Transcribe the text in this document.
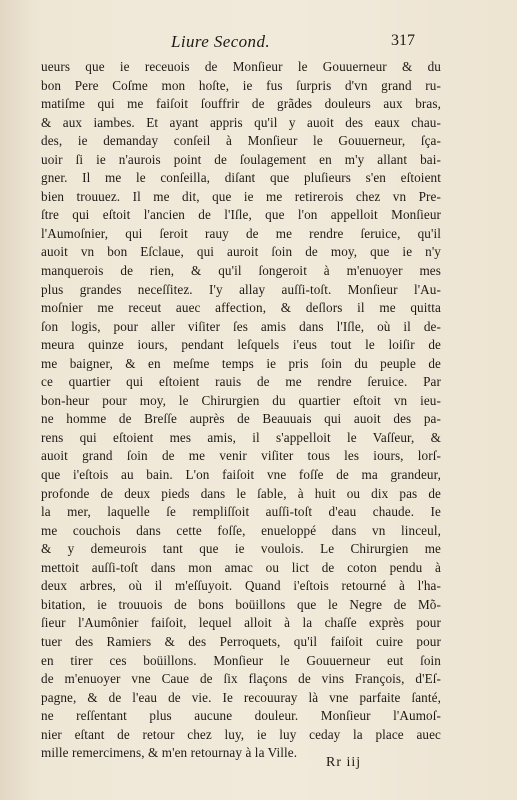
Liure Second.	317
ueurs que ie receuois de Monſieur le Gouuerneur & du
bon Pere Coſme mon hoſte, ie fus ſurpris d'vn grand ru-
matiſme qui me faiſoit ſouffrir de grãdes douleurs aux bras,
& aux iambes. Et ayant appris qu'il y auoit des eaux chau-
des, ie demanday conſeil à Monſieur le Gouuerneur, ſça-
uoir ſi ie n'aurois point de ſoulagement en m'y allant bai-
gner. Il me le conſeilla, diſant que pluſieurs s'en eſtoient
bien trouuez. Il me dit, que ie me retirerois chez vn Pre-
ſtre qui eſtoit l'ancien de l'Iſle, que l'on appelloit Monſieur
l'Aumoſnier, qui ſeroit rauy de me rendre ſeruice, qu'il
auoit vn bon Eſclaue, qui auroit ſoin de moy, que ie n'y
manquerois de rien, & qu'il ſongeroit à m'enuoyer mes
plus grandes neceſſitez. I'y allay auſſi-toſt. Monſieur l'Au-
moſnier me receut auec affection, & deſlors il me quitta
ſon logis, pour aller viſiter ſes amis dans l'Iſle, où il de-
meura quinze iours, pendant leſquels i'eus tout le loiſir de
me baigner, & en meſme temps ie pris ſoin du peuple de
ce quartier qui eſtoient rauis de me rendre ſeruice. Par
bon-heur pour moy, le Chirurgien du quartier eſtoit vn ieu-
ne homme de Breſſe auprès de Beauuais qui auoit des pa-
rens qui eſtoient mes amis, il s'appelloit le Vaſſeur, &
auoit grand ſoin de me venir viſiter tous les iours, lorſ-
que i'eſtois au bain. L'on faiſoit vne foſſe de ma grandeur,
profonde de deux pieds dans le ſable, à huit ou dix pas de
la mer, laquelle ſe rempliſſoit auſſi-toſt d'eau chaude. Ie
me couchois dans cette foſſe, enueloppé dans vn linceul,
& y demeurois tant que ie voulois. Le Chirurgien me
mettoit auſſi-toſt dans mon amac ou lict de coton pendu à
deux arbres, où il m'eſſuyoit. Quand i'eſtois retourné à l'ha-
bitation, ie trouuois de bons boüillons que le Negre de Mõ-
ſieur l'Aumônier faiſoit, lequel alloit à la chaſſe exprès pour
tuer des Ramiers & des Perroquets, qu'il faiſoit cuire pour
en tirer ces boüillons. Monſieur le Gouuerneur eut ſoin
de m'enuoyer vne Caue de ſix flaçons de vins François, d'Eſ-
pagne, & de l'eau de vie. Ie recouuray là vne parfaite ſanté,
ne reſſentant plus aucune douleur. Monſieur l'Aumoſ-
nier eſtant de retour chez luy, ie luy ceday la place auec
mille remercimens, & m'en retournay à la Ville.
Rr iij
